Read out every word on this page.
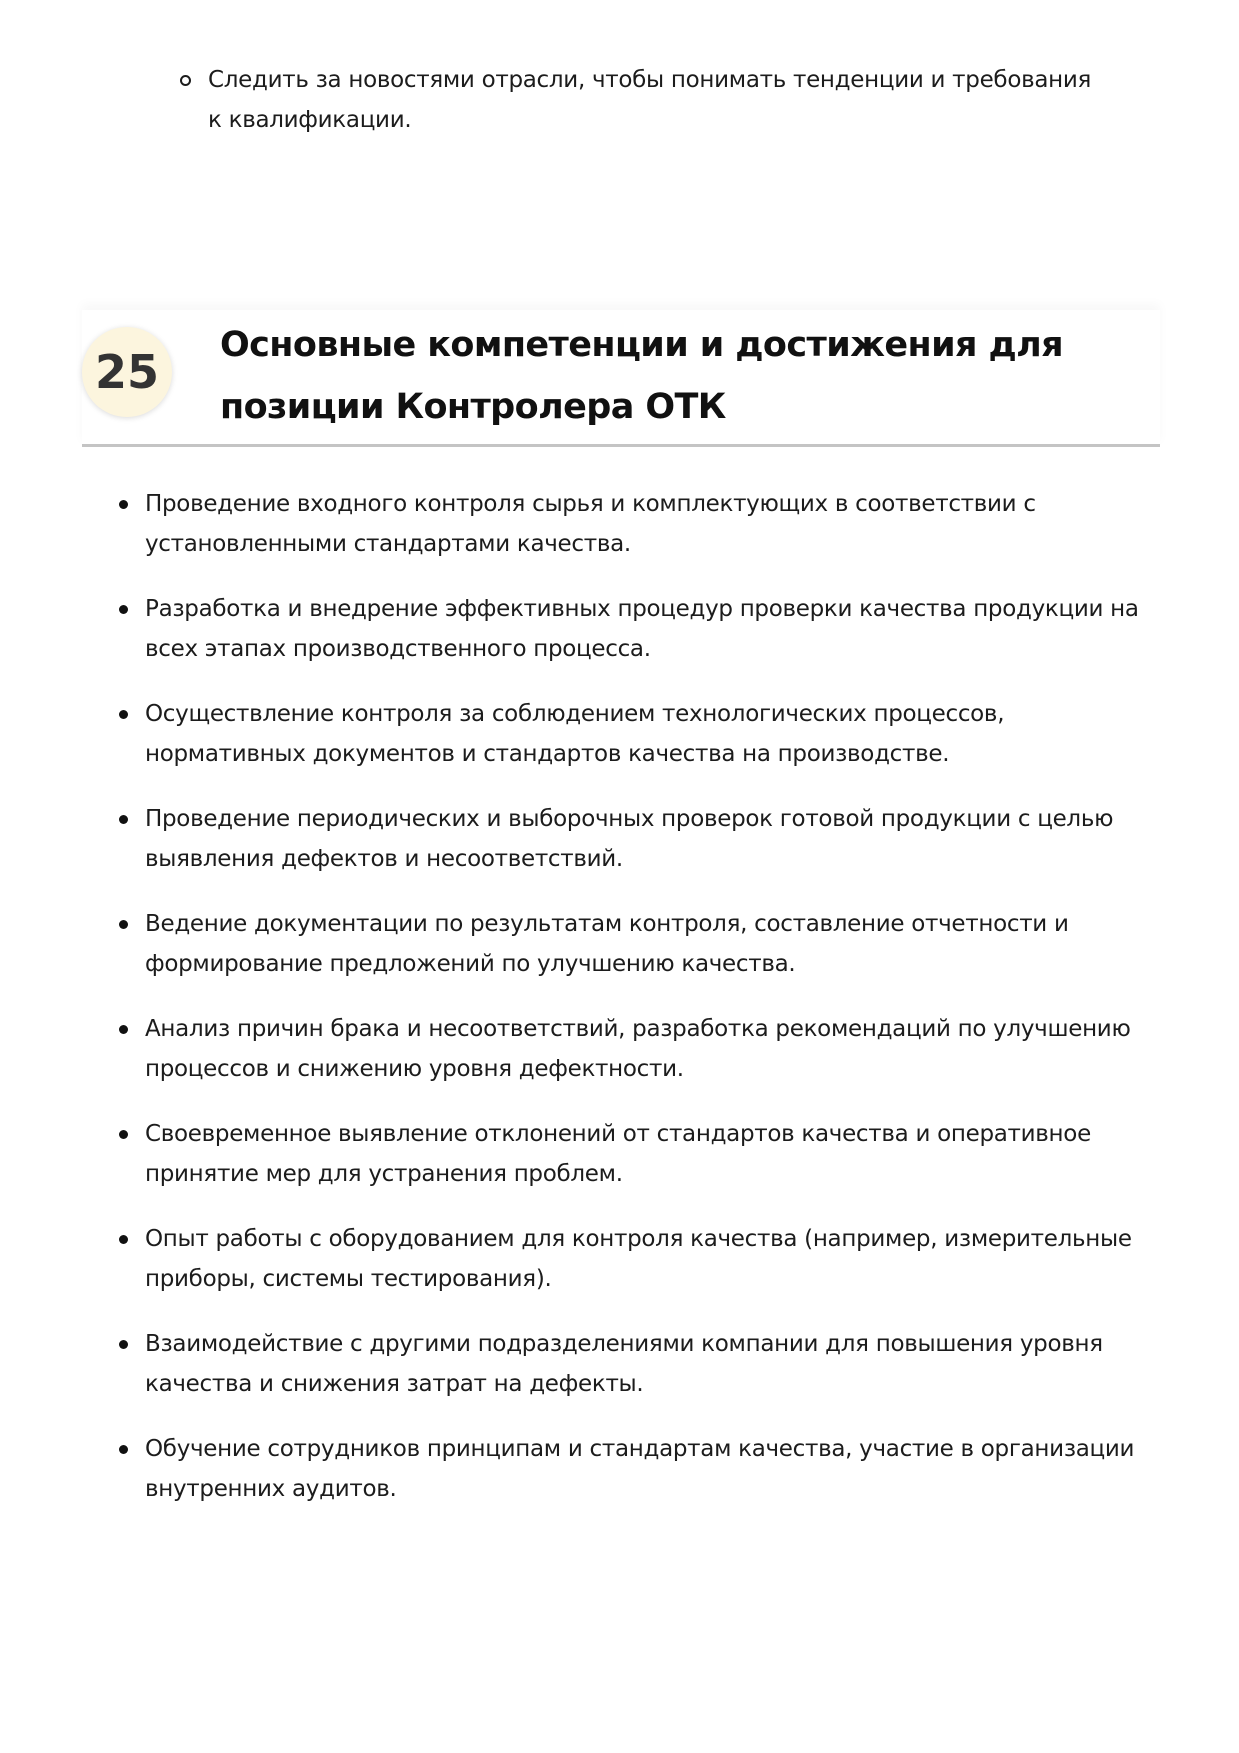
Следить за новостями отрасли, чтобы понимать тенденции и требования к квалификации.
25	Основные компетенции и достижения для позиции Контролера ОТК
Проведение входного контроля сырья и комплектующих в соответствии с установленными стандартами качества.
Разработка и внедрение эффективных процедур проверки качества продукции на всех этапах производственного процесса.
Осуществление контроля за соблюдением технологических процессов, нормативных документов и стандартов качества на производстве.
Проведение периодических и выборочных проверок готовой продукции с целью выявления дефектов и несоответствий.
Ведение документации по результатам контроля, составление отчетности и формирование предложений по улучшению качества.
Анализ причин брака и несоответствий, разработка рекомендаций по улучшению процессов и снижению уровня дефектности.
Своевременное выявление отклонений от стандартов качества и оперативное принятие мер для устранения проблем.
Опыт работы с оборудованием для контроля качества (например, измерительные приборы, системы тестирования).
Взаимодействие с другими подразделениями компании для повышения уровня качества и снижения затрат на дефекты.
Обучение сотрудников принципам и стандартам качества, участие в организации внутренних аудитов.
